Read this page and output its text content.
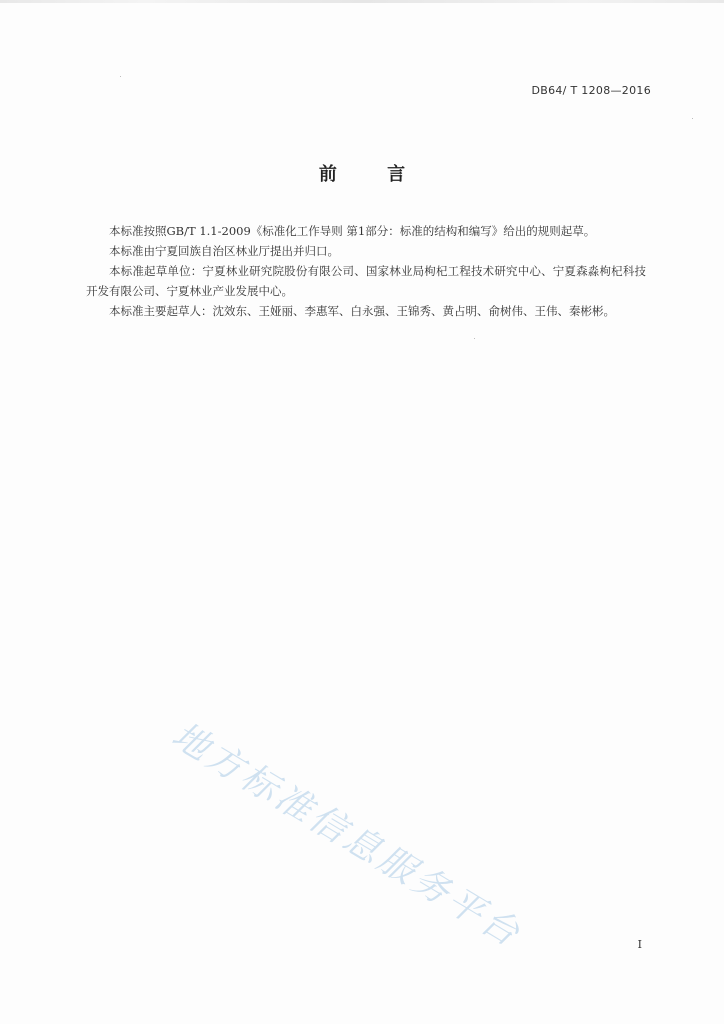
DB64/ T 1208—2016
前 言

本标准按照GB/T 1.1-2009《标准化工作导则 第1部分：标准的结构和编写》给出的规则起草。

本标准由宁夏回族自治区林业厅提出并归口。

本标准起草单位：宁夏林业研究院股份有限公司、国家林业局枸杞工程技术研究中心、宁夏森淼枸杞科技开发有限公司、宁夏林业产业发展中心。

本标准主要起草人：沈效东、王娅丽、李惠军、白永强、王锦秀、黄占明、俞树伟、王伟、秦彬彬。

地方标准信息服务平台	I
